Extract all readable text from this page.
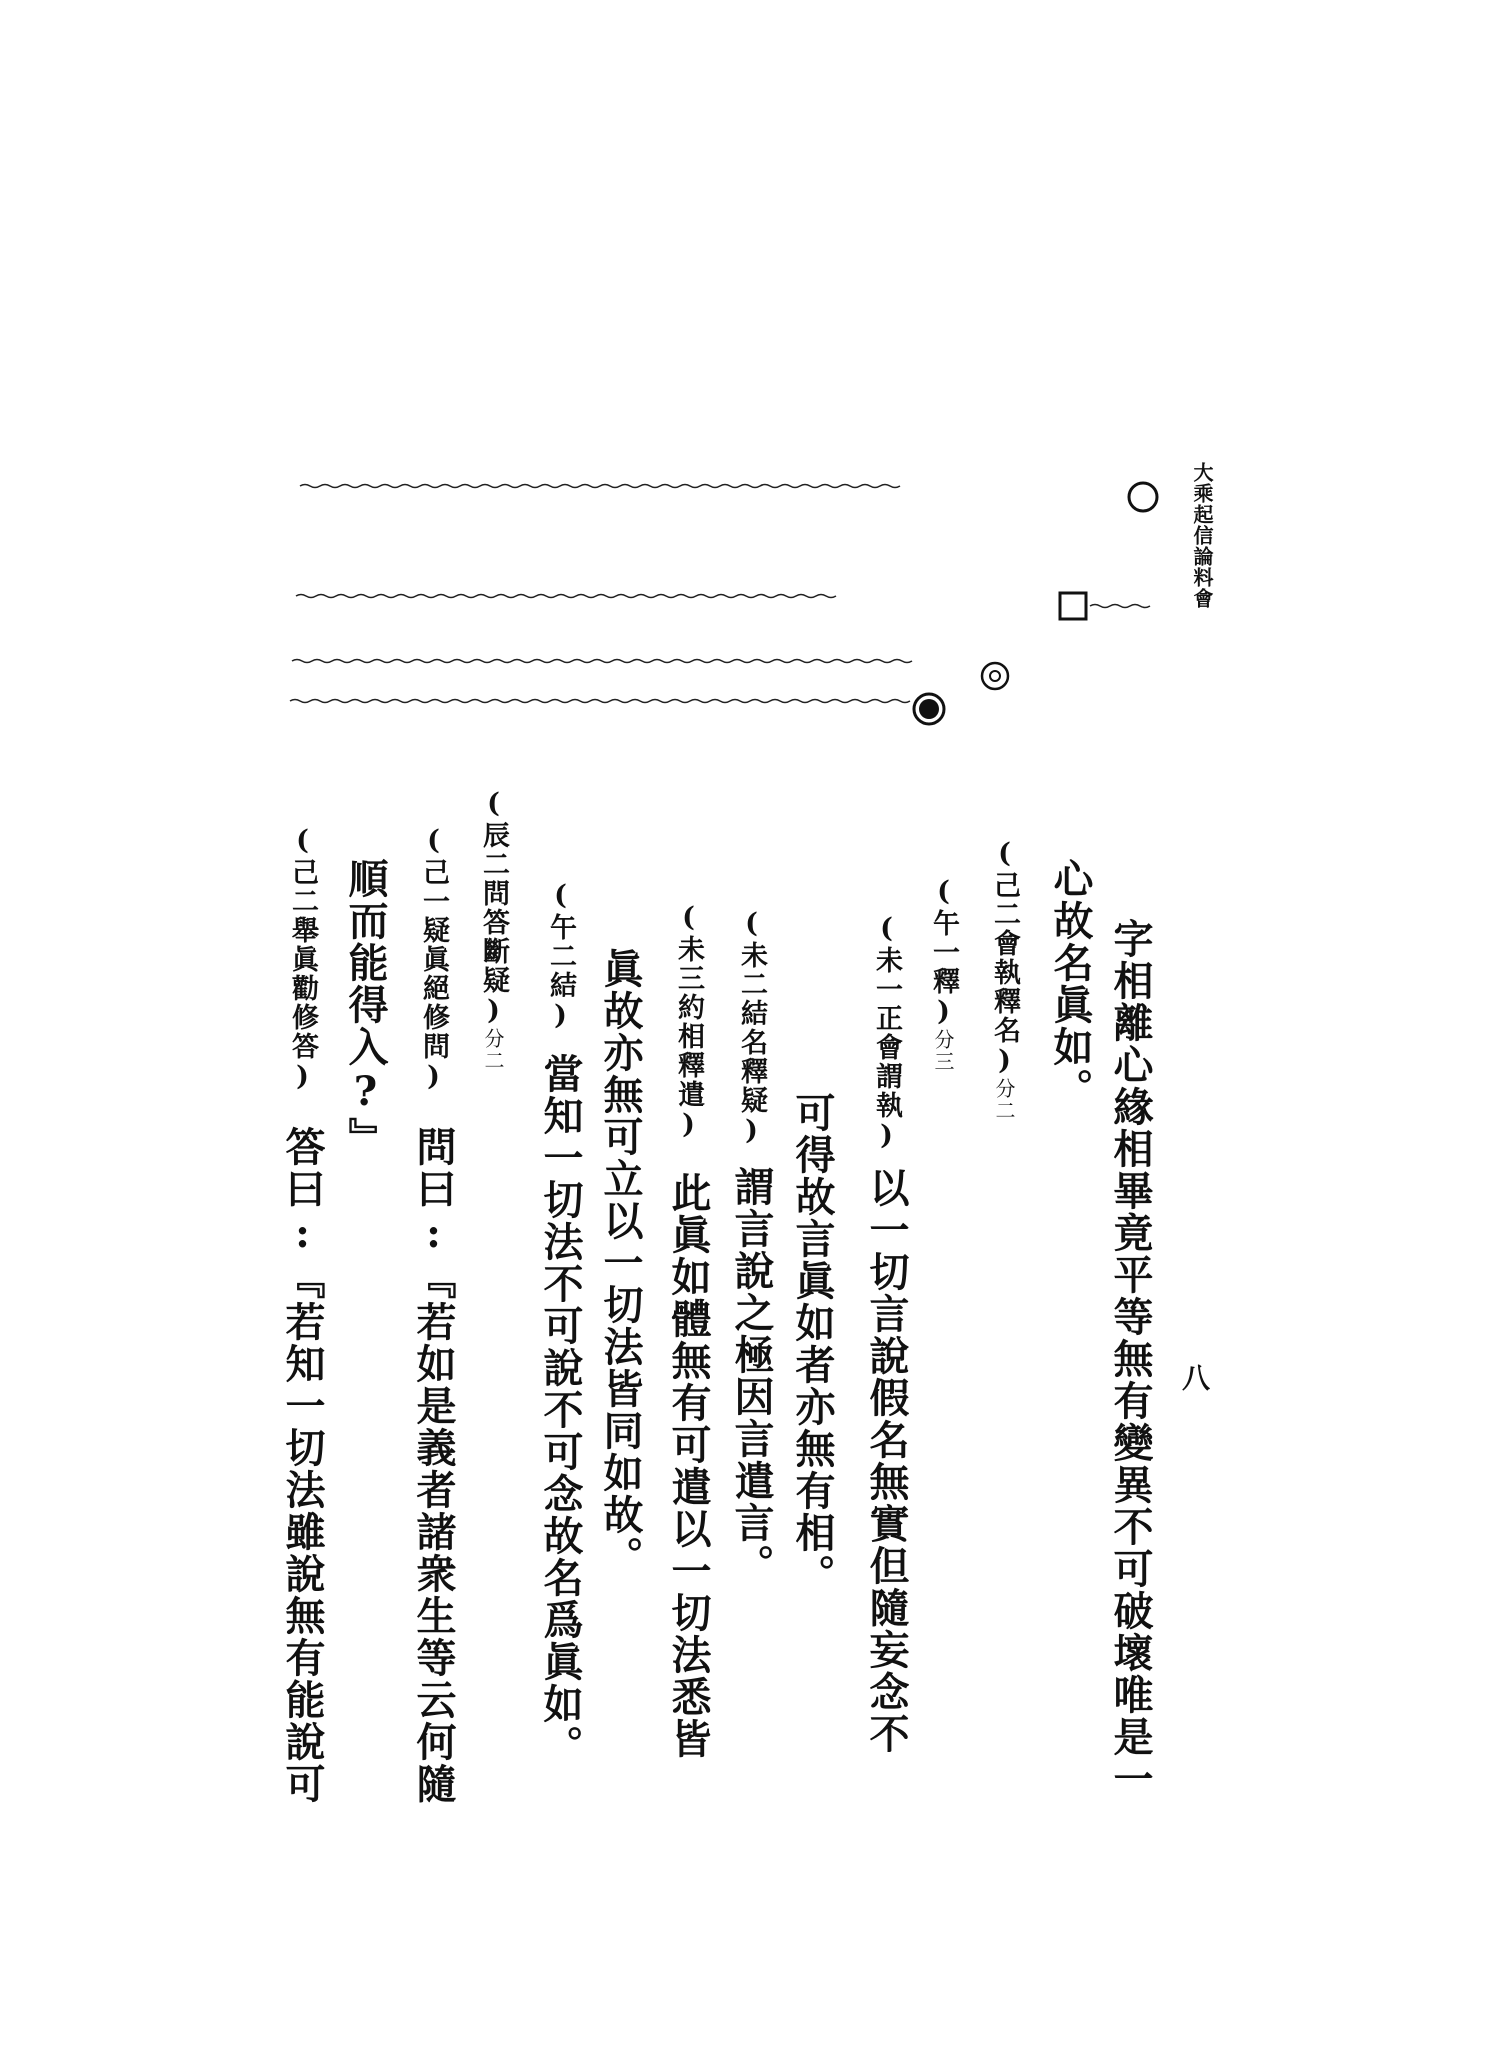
大乘起信論料會
八
字相離心緣相畢竟平等無有變異不可破壞唯是一
心故名眞如。
(己二會執釋名)分二
(午一釋)分三
(未一正會謂執)以一切言說假名無實但隨妄念不
可得故言眞如者亦無有相。
(未二結名釋疑)謂言說之極因言遣言。
(未三約相釋遣)此眞如體無有可遣以一切法悉皆
眞故亦無可立以一切法皆同如故。
(午二結)當知一切法不可說不可念故名爲眞如。
(辰二問答斷疑)分二
(己一疑眞絕修問)問曰:『若如是義者諸衆生等云何隨
順而能得入?』
(己二舉眞勸修答)答曰:『若知一切法雖說無有能說可
